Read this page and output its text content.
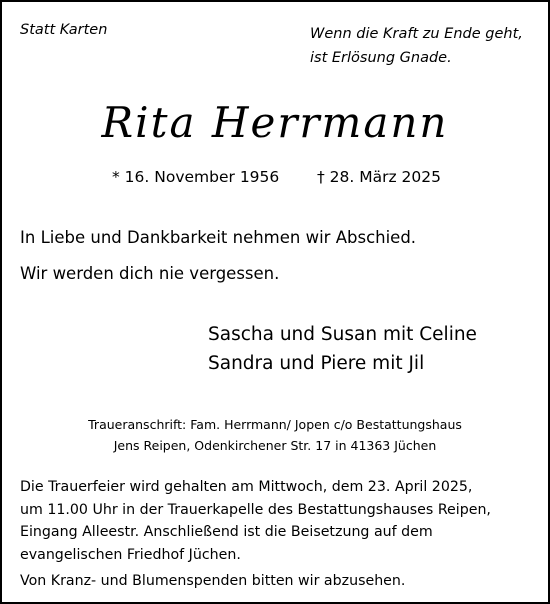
Statt Karten	Wenn die Kraft zu Ende geht,
ist Erlösung Gnade.
Rita Herrmann
* 16. November 1956 † 28. März 2025
In Liebe und Dankbarkeit nehmen wir Abschied.
Wir werden dich nie vergessen.
Sascha und Susan mit Celine
Sandra und Piere mit Jil
Traueranschrift: Fam. Herrmann/ Jopen c/o Bestattungshaus
Jens Reipen, Odenkirchener Str. 17 in 41363 Jüchen
Die Trauerfeier wird gehalten am Mittwoch, dem 23. April 2025,
um 11.00 Uhr in der Trauerkapelle des Bestattungshauses Reipen,
Eingang Alleestr. Anschließend ist die Beisetzung auf dem
evangelischen Friedhof Jüchen.
Von Kranz- und Blumenspenden bitten wir abzusehen.
